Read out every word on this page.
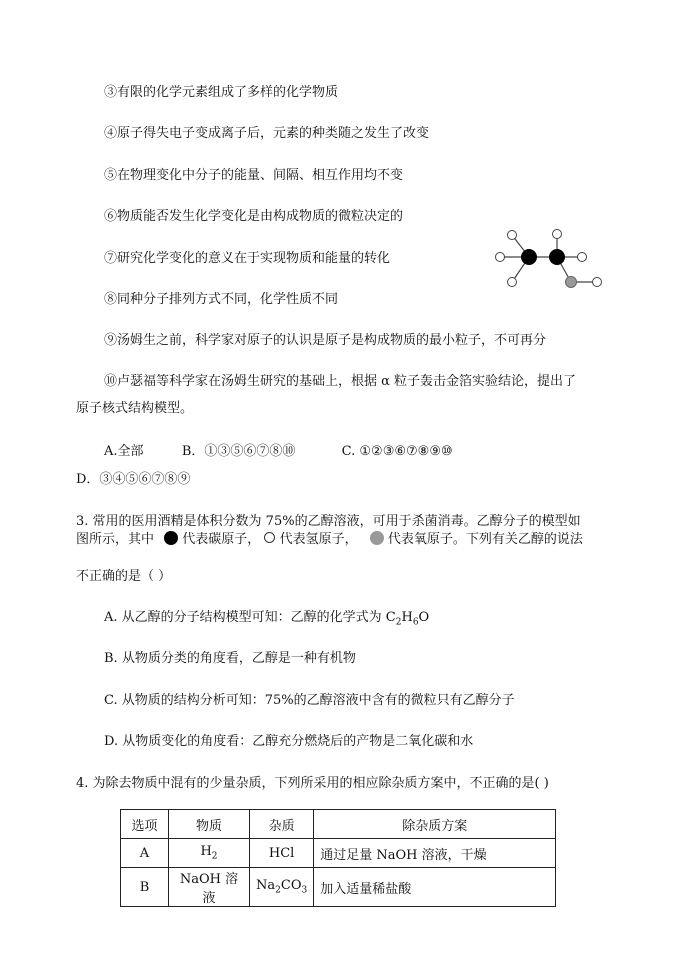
③有限的化学元素组成了多样的化学物质
④原子得失电子变成离子后，元素的种类随之发生了改变
⑤在物理变化中分子的能量、间隔、相互作用均不变
⑥物质能否发生化学变化是由构成物质的微粒决定的
⑦研究化学变化的意义在于实现物质和能量的转化
⑧同种分子排列方式不同，化学性质不同
⑨汤姆生之前，科学家对原子的认识是原子是构成物质的最小粒子，不可再分
⑩卢瑟福等科学家在汤姆生研究的基础上，根据 α 粒子轰击金箔实验结论，提出了
原子核式结构模型。
A.全部	B．①③⑤⑥⑦⑧⑩	C. ①②③⑥⑦⑧⑨⑩
D．③④⑤⑥⑦⑧⑨
3. 常用的医用酒精是体积分数为 75%的乙醇溶液，可用于杀菌消毒。乙醇分子的模型如
图所示，其中 代表碳原子， 代表氢原子， 代表氧原子。下列有关乙醇的说法
不正确的是（ ）
A. 从乙醇的分子结构模型可知：乙醇的化学式为 $C_2H_6O$
B. 从物质分类的角度看，乙醇是一种有机物
C. 从物质的结构分析可知：75%的乙醇溶液中含有的微粒只有乙醇分子
D. 从物质变化的角度看：乙醇充分燃烧后的产物是二氧化碳和水
4. 为除去物质中混有的少量杂质，下列所采用的相应除杂质方案中，不正确的是( )
选项	物质	杂质	除杂质方案
A	$H_2$	HCl	通过足量 NaOH 溶液，干燥
B	NaOH 溶液	$Na_2CO_3$	加入适量稀盐酸
